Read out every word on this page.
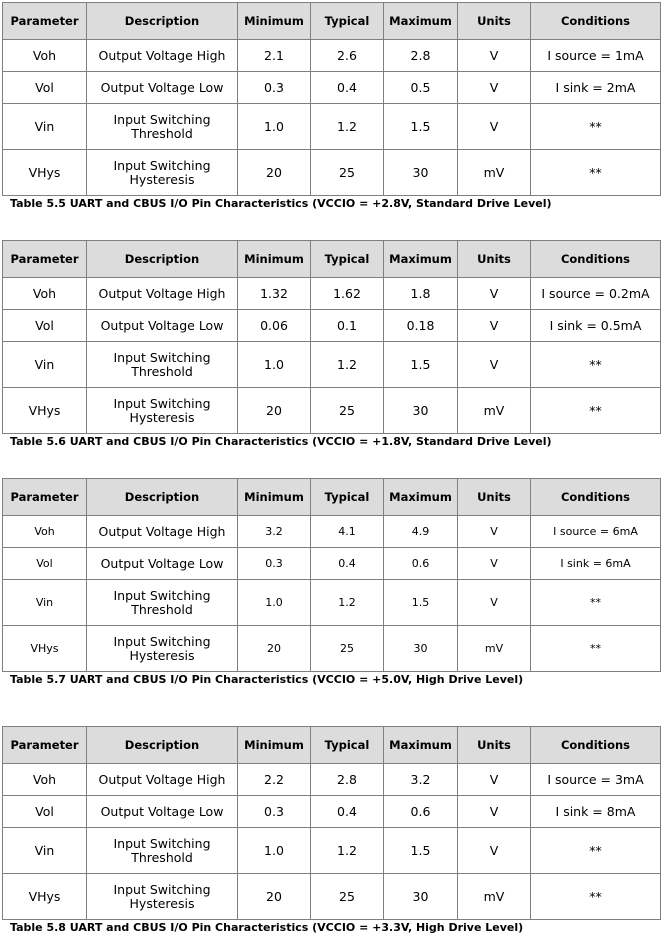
Parameter	Description	Minimum	Typical	Maximum	Units	Conditions
Voh	Output Voltage High	2.1	2.6	2.8	V	I source = 1mA
Vol	Output Voltage Low	0.3	0.4	0.5	V	I sink = 2mA
Vin	Input Switching Threshold	1.0	1.2	1.5	V	**
VHys	Input Switching Hysteresis	20	25	30	mV	**
Table 5.5 UART and CBUS I/O Pin Characteristics (VCCIO = +2.8V, Standard Drive Level)
Parameter	Description	Minimum	Typical	Maximum	Units	Conditions
Voh	Output Voltage High	1.32	1.62	1.8	V	I source = 0.2mA
Vol	Output Voltage Low	0.06	0.1	0.18	V	I sink = 0.5mA
Vin	Input Switching Threshold	1.0	1.2	1.5	V	**
VHys	Input Switching Hysteresis	20	25	30	mV	**
Table 5.6 UART and CBUS I/O Pin Characteristics (VCCIO = +1.8V, Standard Drive Level)
Parameter	Description	Minimum	Typical	Maximum	Units	Conditions
Voh	Output Voltage High	3.2	4.1	4.9	V	I source = 6mA
Vol	Output Voltage Low	0.3	0.4	0.6	V	I sink = 6mA
Vin	Input Switching Threshold	1.0	1.2	1.5	V	**
VHys	Input Switching Hysteresis	20	25	30	mV	**
Table 5.7 UART and CBUS I/O Pin Characteristics (VCCIO = +5.0V, High Drive Level)
Parameter	Description	Minimum	Typical	Maximum	Units	Conditions
Voh	Output Voltage High	2.2	2.8	3.2	V	I source = 3mA
Vol	Output Voltage Low	0.3	0.4	0.6	V	I sink = 8mA
Vin	Input Switching Threshold	1.0	1.2	1.5	V	**
VHys	Input Switching Hysteresis	20	25	30	mV	**
Table 5.8 UART and CBUS I/O Pin Characteristics (VCCIO = +3.3V, High Drive Level)
